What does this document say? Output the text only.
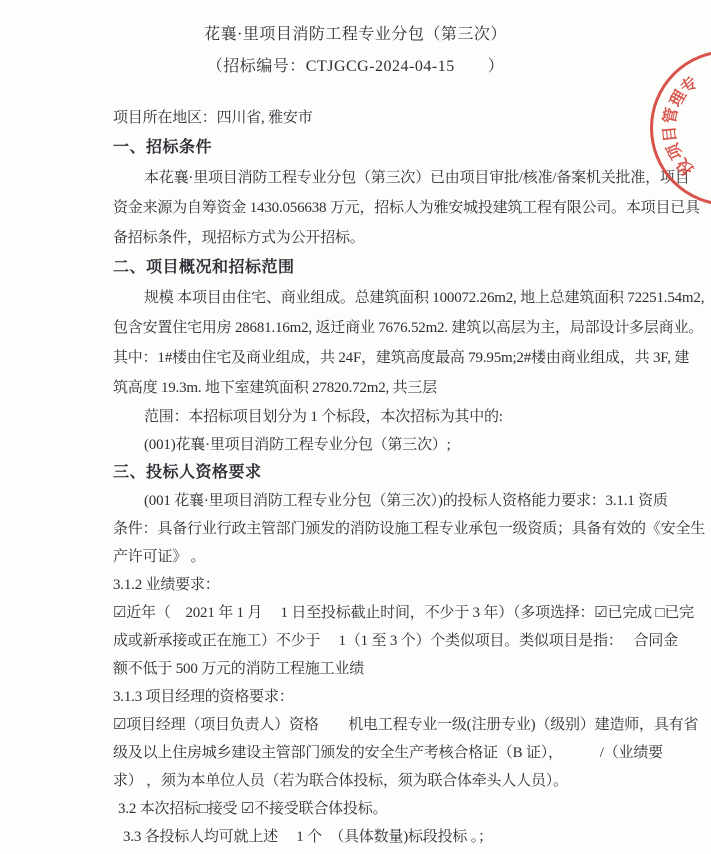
花襄·里项目消防工程专业分包（第三次）
（招标编号：CTJGCG-2024-04-15　　）
项目所在地区：四川省, 雅安市
一、招标条件
本花襄·里项目消防工程专业分包（第三次）已由项目审批/核准/备案机关批准，项目
资金来源为自筹资金 1430.056638 万元，招标人为雅安城投建筑工程有限公司。本项目已具
备招标条件，现招标方式为公开招标。
二、项目概况和招标范围
规模 本项目由住宅、商业组成。总建筑面积 100072.26m2, 地上总建筑面积 72251.54m2,
包含安置住宅用房 28681.16m2, 返迁商业 7676.52m2. 建筑以高层为主，局部设计多层商业。
其中：1#楼由住宅及商业组成，共 24F，建筑高度最高 79.95m;2#楼由商业组成，共 3F, 建
筑高度 19.3m. 地下室建筑面积 27820.72m2, 共三层
范围：本招标项目划分为 1 个标段，本次招标为其中的:
(001)花襄·里项目消防工程专业分包（第三次）;
三、投标人资格要求
(001 花襄·里项目消防工程专业分包（第三次）)的投标人资格能力要求：3.1.1 资质
条件：具备行业行政主管部门颁发的消防设施工程专业承包一级资质；具备有效的《安全生
产许可证》 。
3.1.2 业绩要求：
☑近年（　2021 年 1 月　 1 日至投标截止时间，不少于 3 年）（多项选择：☑已完成 □已完
成或新承接或正在施工）不少于　 1（1 至 3 个）个类似项目。类似项目是指：　 合同金
额不低于 500 万元的消防工程施工业绩
3.1.3 项目经理的资格要求：
☑项目经理（项目负责人）资格　　机电工程专业一级(注册专业)（级别）建造师，具有省
级及以上住房城乡建设主管部门颁发的安全生产考核合格证（B 证），　　　/（业绩要
求） ，须为本单位人员（若为联合体投标，须为联合体牵头人人员）。
3.2 本次招标□接受 ☑不接受联合体投标。
3.3 各投标人均可就上述　 1 个　（具体数量)标段投标 。；
专
理
管
目
项
投
